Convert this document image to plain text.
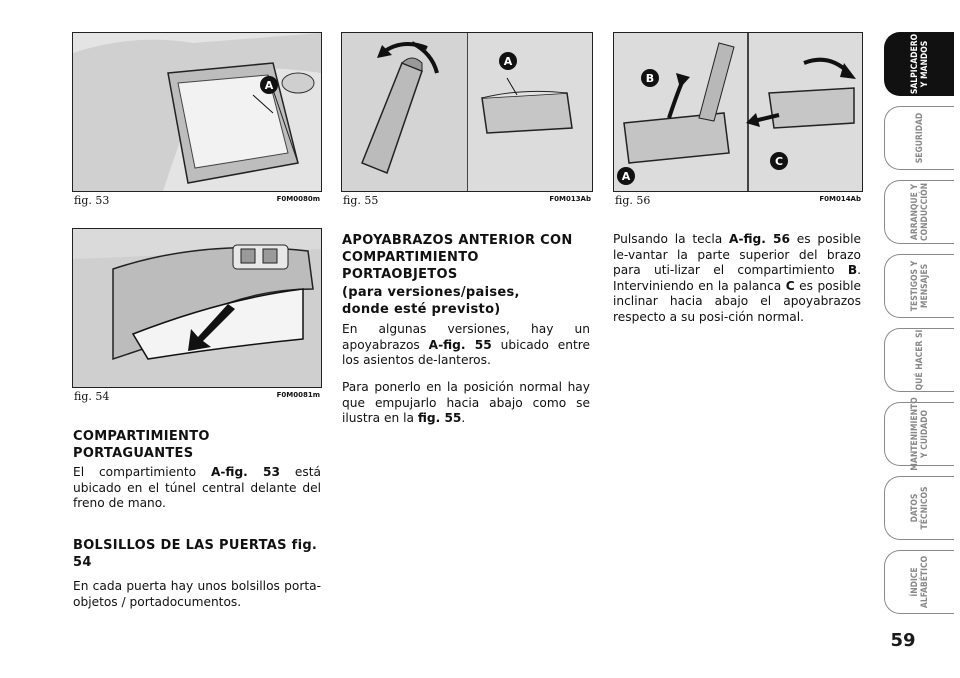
A
fig. 53	F0M0080m
fig. 54	F0M0081m
A
fig. 55	F0M013Ab
B
A
C
fig. 56	F0M014Ab
COMPARTIMIENTO PORTAGUANTES

El compartimiento A-fig. 53 está ubicado en el túnel central delante del freno de mano.

BOLSILLOS DE LAS PUERTAS fig. 54

En cada puerta hay unos bolsillos porta-objetos / portadocumentos.

APOYABRAZOS ANTERIOR CON COMPARTIMIENTO PORTAOBJETOS
(para versiones/paises, donde esté previsto)

En algunas versiones, hay un apoyabrazos A-fig. 55 ubicado entre los asientos de-lanteros.

Para ponerlo en la posición normal hay que empujarlo hacia abajo como se ilustra en la fig. 55.

Pulsando la tecla A-fig. 56 es posible le-vantar la parte superior del brazo para uti-lizar el compartimiento B. Interviniendo en la palanca C es posible inclinar hacia abajo el apoyabrazos respecto a su posi-ción normal.

SALPICADERO
Y MANDOS
SEGURIDAD
ARRANQUE Y
CONDUCCIÓN
TESTIGOS Y
MENSAJES
QUÉ HACER SI
MANTENIMIENTO
Y CUIDADO
DATOS
TÉCNICOS
ÍNDICE
ALFABÉTICO
59
